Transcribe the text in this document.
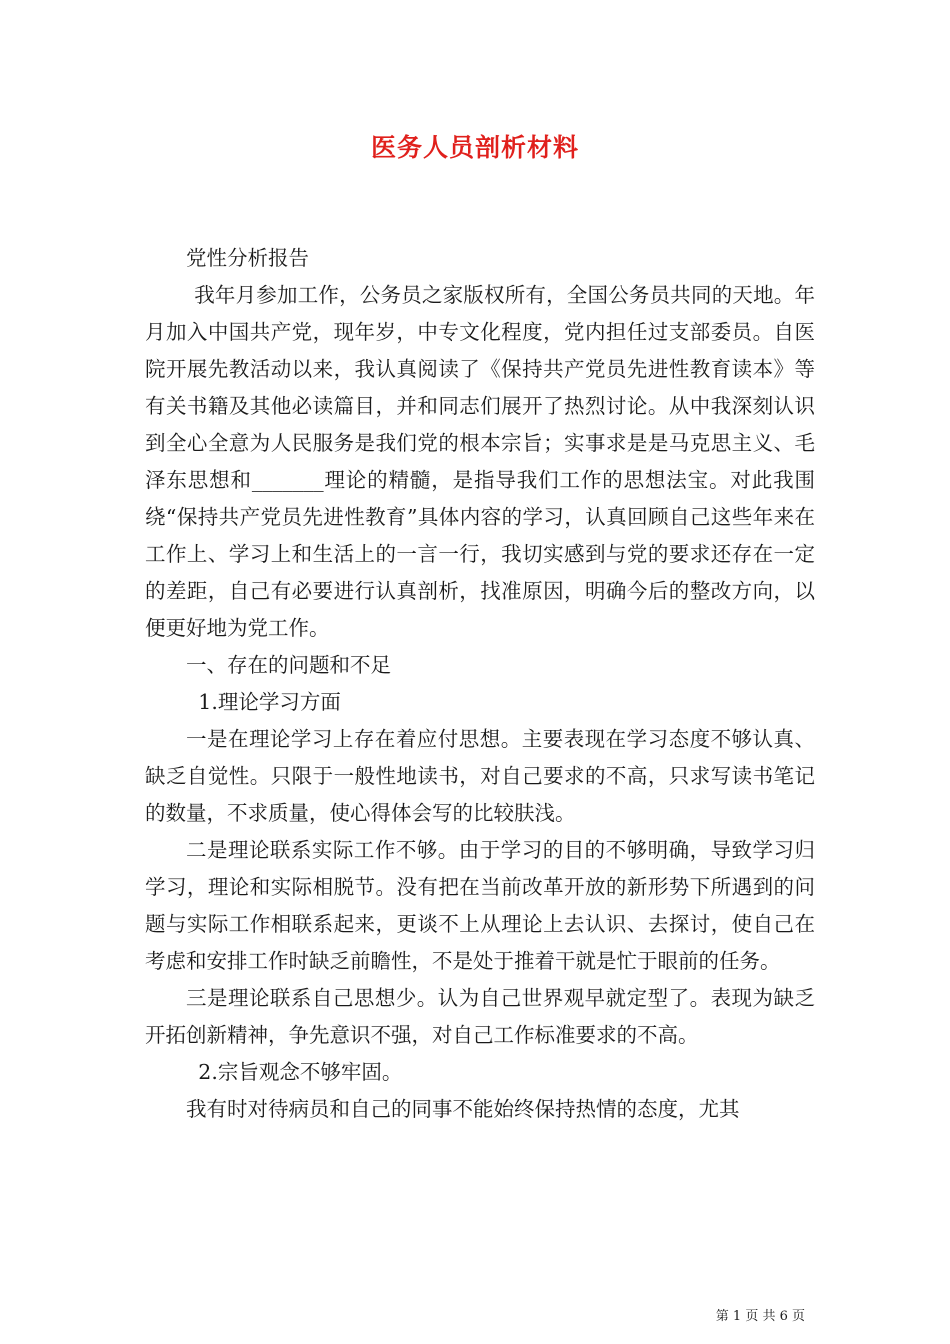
医务人员剖析材料

党性分析报告

我年月参加工作，公务员之家版权所有，全国公务员共同的天地。年月加入中国共产党，现年岁，中专文化程度，党内担任过支部委员。自医院开展先教活动以来，我认真阅读了《保持共产党员先进性教育读本》等有关书籍及其他必读篇目，并和同志们展开了热烈讨论。从中我深刻认识到全心全意为人民服务是我们党的根本宗旨；实事求是是马克思主义、毛泽东思想和_______理论的精髓，是指导我们工作的思想法宝。对此我围绕“保持共产党员先进性教育”具体内容的学习，认真回顾自己这些年来在工作上、学习上和生活上的一言一行，我切实感到与党的要求还存在一定的差距，自己有必要进行认真剖析，找准原因，明确今后的整改方向，以便更好地为党工作。

一、存在的问题和不足

1.理论学习方面

一是在理论学习上存在着应付思想。主要表现在学习态度不够认真、缺乏自觉性。只限于一般性地读书，对自己要求的不高，只求写读书笔记的数量，不求质量，使心得体会写的比较肤浅。

二是理论联系实际工作不够。由于学习的目的不够明确，导致学习归学习，理论和实际相脱节。没有把在当前改革开放的新形势下所遇到的问题与实际工作相联系起来，更谈不上从理论上去认识、去探讨，使自己在考虑和安排工作时缺乏前瞻性，不是处于推着干就是忙于眼前的任务。

三是理论联系自己思想少。认为自己世界观早就定型了。表现为缺乏开拓创新精神，争先意识不强，对自己工作标准要求的不高。

2.宗旨观念不够牢固。

我有时对待病员和自己的同事不能始终保持热情的态度，尤其

第 1 页 共 6 页
